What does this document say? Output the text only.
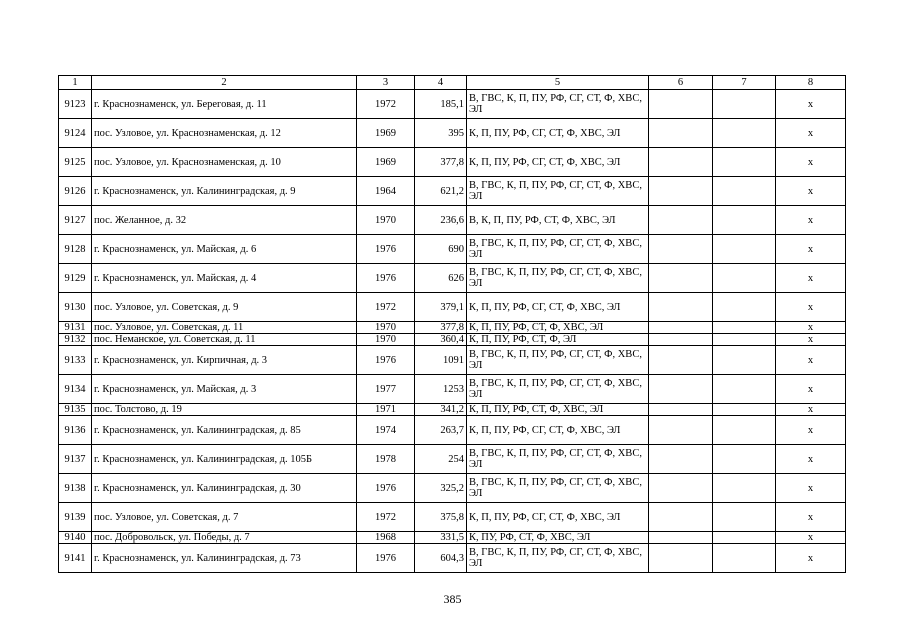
1	2	3	4	5	6	7	8
9123	г. Краснознаменск, ул. Береговая, д. 11	1972	185,1	В, ГВС, К, П, ПУ, РФ, СГ, СТ, Ф, ХВС, ЭЛ			х
9124	пос. Узловое, ул. Краснознаменская, д. 12	1969	395	К, П, ПУ, РФ, СГ, СТ, Ф, ХВС, ЭЛ			х
9125	пос. Узловое, ул. Краснознаменская, д. 10	1969	377,8	К, П, ПУ, РФ, СГ, СТ, Ф, ХВС, ЭЛ			х
9126	г. Краснознаменск, ул. Калининградская, д. 9	1964	621,2	В, ГВС, К, П, ПУ, РФ, СГ, СТ, Ф, ХВС, ЭЛ			х
9127	пос. Желанное, д. 32	1970	236,6	В, К, П, ПУ, РФ, СТ, Ф, ХВС, ЭЛ			х
9128	г. Краснознаменск, ул. Майская, д. 6	1976	690	В, ГВС, К, П, ПУ, РФ, СГ, СТ, Ф, ХВС, ЭЛ			х
9129	г. Краснознаменск, ул. Майская, д. 4	1976	626	В, ГВС, К, П, ПУ, РФ, СГ, СТ, Ф, ХВС, ЭЛ			х
9130	пос. Узловое, ул. Советская, д. 9	1972	379,1	К, П, ПУ, РФ, СГ, СТ, Ф, ХВС, ЭЛ			х
9131	пос. Узловое, ул. Советская, д. 11	1970	377,8	К, П, ПУ, РФ, СТ, Ф, ХВС, ЭЛ			х
9132	пос. Неманское, ул. Советская, д. 11	1970	360,4	К, П, ПУ, РФ, СТ, Ф, ЭЛ			х
9133	г. Краснознаменск, ул. Кирпичная, д. 3	1976	1091	В, ГВС, К, П, ПУ, РФ, СГ, СТ, Ф, ХВС, ЭЛ			х
9134	г. Краснознаменск, ул. Майская, д. 3	1977	1253	В, ГВС, К, П, ПУ, РФ, СГ, СТ, Ф, ХВС, ЭЛ			х
9135	пос. Толстово, д. 19	1971	341,2	К, П, ПУ, РФ, СТ, Ф, ХВС, ЭЛ			х
9136	г. Краснознаменск, ул. Калининградская, д. 85	1974	263,7	К, П, ПУ, РФ, СГ, СТ, Ф, ХВС, ЭЛ			х
9137	г. Краснознаменск, ул. Калининградская, д. 105Б	1978	254	В, ГВС, К, П, ПУ, РФ, СГ, СТ, Ф, ХВС, ЭЛ			х
9138	г. Краснознаменск, ул. Калининградская, д. 30	1976	325,2	В, ГВС, К, П, ПУ, РФ, СГ, СТ, Ф, ХВС, ЭЛ			х
9139	пос. Узловое, ул. Советская, д. 7	1972	375,8	К, П, ПУ, РФ, СГ, СТ, Ф, ХВС, ЭЛ			х
9140	пос. Добровольск, ул. Победы, д. 7	1968	331,5	К, ПУ, РФ, СТ, Ф, ХВС, ЭЛ			х
9141	г. Краснознаменск, ул. Калининградская, д. 73	1976	604,3	В, ГВС, К, П, ПУ, РФ, СГ, СТ, Ф, ХВС, ЭЛ			х
385
